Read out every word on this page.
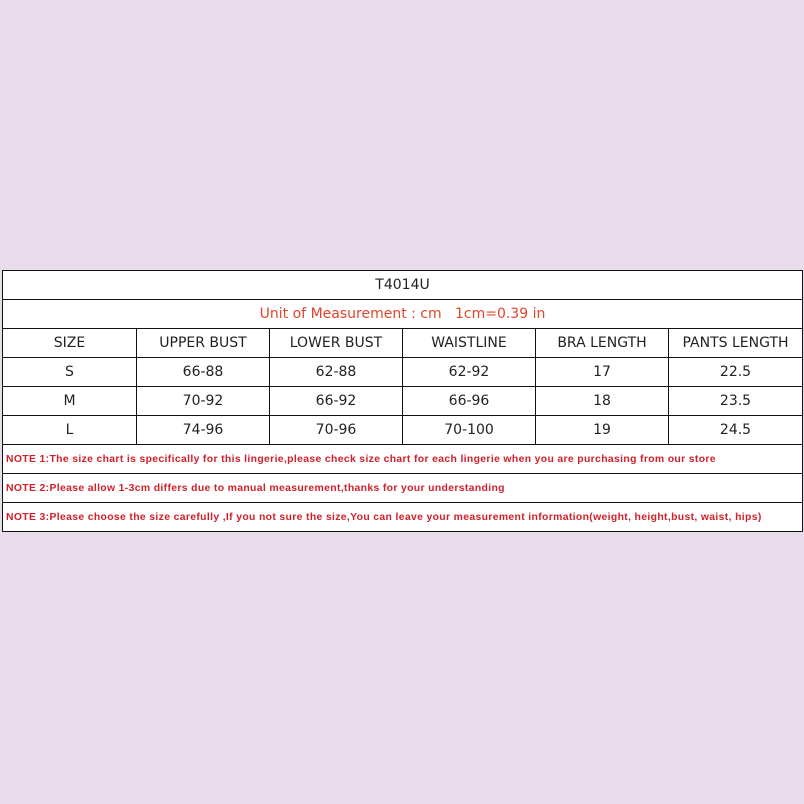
T4014U					
Unit of Measurement : cm   1cm=0.39 in					
SIZE	UPPER BUST	LOWER BUST	WAISTLINE	BRA LENGTH	PANTS LENGTH
S	66-88	62-88	62-92	17	22.5
M	70-92	66-92	66-96	18	23.5
L	74-96	70-96	70-100	19	24.5
NOTE 1:The size chart is specifically for this lingerie,please check size chart for each lingerie when you are purchasing from our store					
NOTE 2:Please allow 1-3cm differs due to manual measurement,thanks for your understanding					
NOTE 3:Please choose the size carefully ,If you not sure the size,You can leave your measurement information(weight, height,bust, waist, hips)					
